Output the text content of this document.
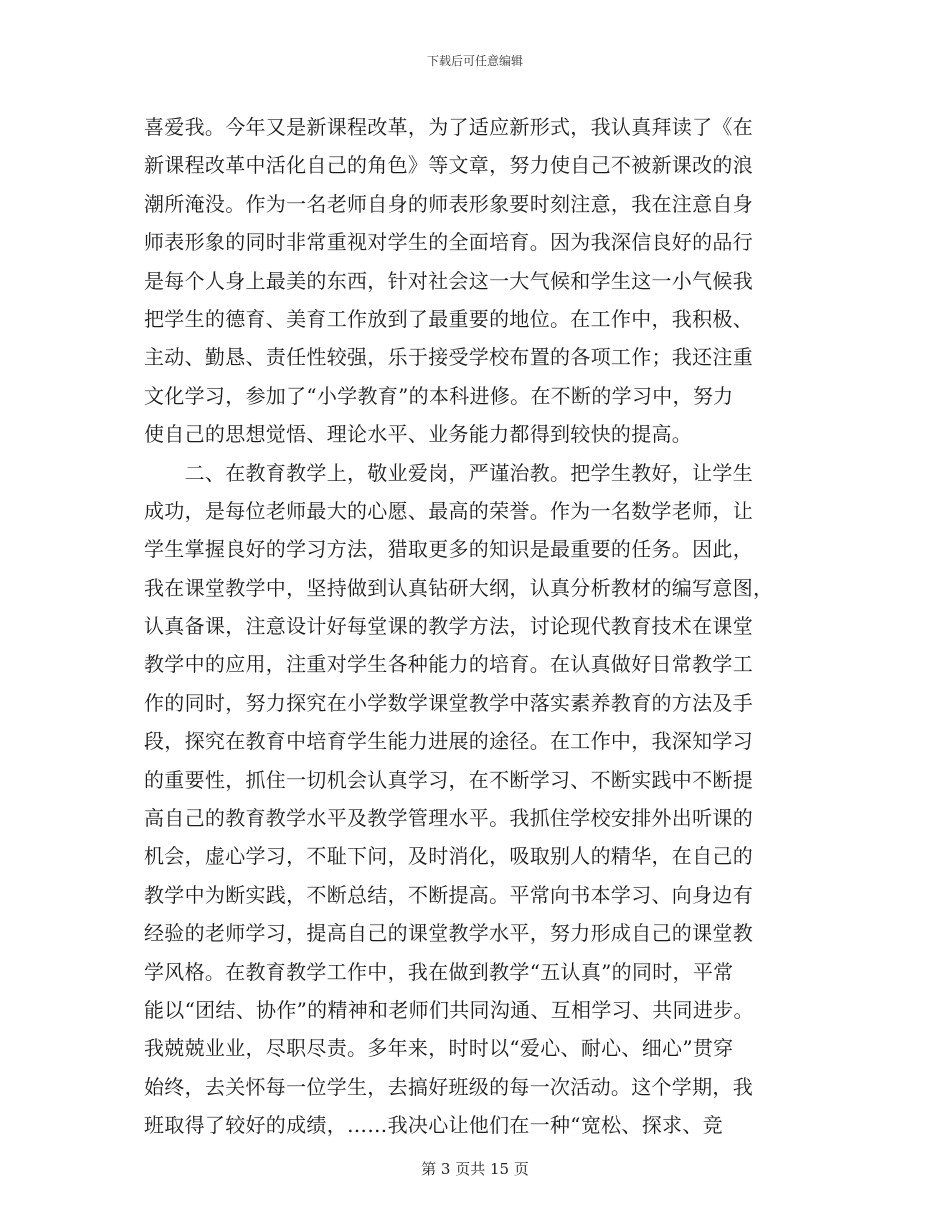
下载后可任意编辑
喜爱我。今年又是新课程改革，为了适应新形式，我认真拜读了《在
新课程改革中活化自己的角色》等文章，努力使自己不被新课改的浪
潮所淹没。作为一名老师自身的师表形象要时刻注意，我在注意自身
师表形象的同时非常重视对学生的全面培育。因为我深信良好的品行
是每个人身上最美的东西，针对社会这一大气候和学生这一小气候我
把学生的德育、美育工作放到了最重要的地位。在工作中，我积极、
主动、勤恳、责任性较强，乐于接受学校布置的各项工作；我还注重
文化学习，参加了“小学教育”的本科进修。在不断的学习中，努力
使自己的思想觉悟、理论水平、业务能力都得到较快的提高。
　　二、在教育教学上，敬业爱岗，严谨治教。把学生教好，让学生
成功，是每位老师最大的心愿、最高的荣誉。作为一名数学老师，让
学生掌握良好的学习方法，猎取更多的知识是最重要的任务。因此，
我在课堂教学中，坚持做到认真钻研大纲，认真分析教材的编写意图，
认真备课，注意设计好每堂课的教学方法，讨论现代教育技术在课堂
教学中的应用，注重对学生各种能力的培育。在认真做好日常教学工
作的同时，努力探究在小学数学课堂教学中落实素养教育的方法及手
段，探究在教育中培育学生能力进展的途径。在工作中，我深知学习
的重要性，抓住一切机会认真学习，在不断学习、不断实践中不断提
高自己的教育教学水平及教学管理水平。我抓住学校安排外出听课的
机会，虚心学习，不耻下问，及时消化，吸取别人的精华，在自己的
教学中为断实践，不断总结，不断提高。平常向书本学习、向身边有
经验的老师学习，提高自己的课堂教学水平，努力形成自己的课堂教
学风格。在教育教学工作中，我在做到教学“五认真”的同时，平常
能以“团结、协作”的精神和老师们共同沟通、互相学习、共同进步。
我兢兢业业，尽职尽责。多年来，时时以“爱心、耐心、细心”贯穿
始终，去关怀每一位学生，去搞好班级的每一次活动。这个学期，我
班取得了较好的成绩，……我决心让他们在一种“宽松、探求、竞
第 3 页共 15 页
